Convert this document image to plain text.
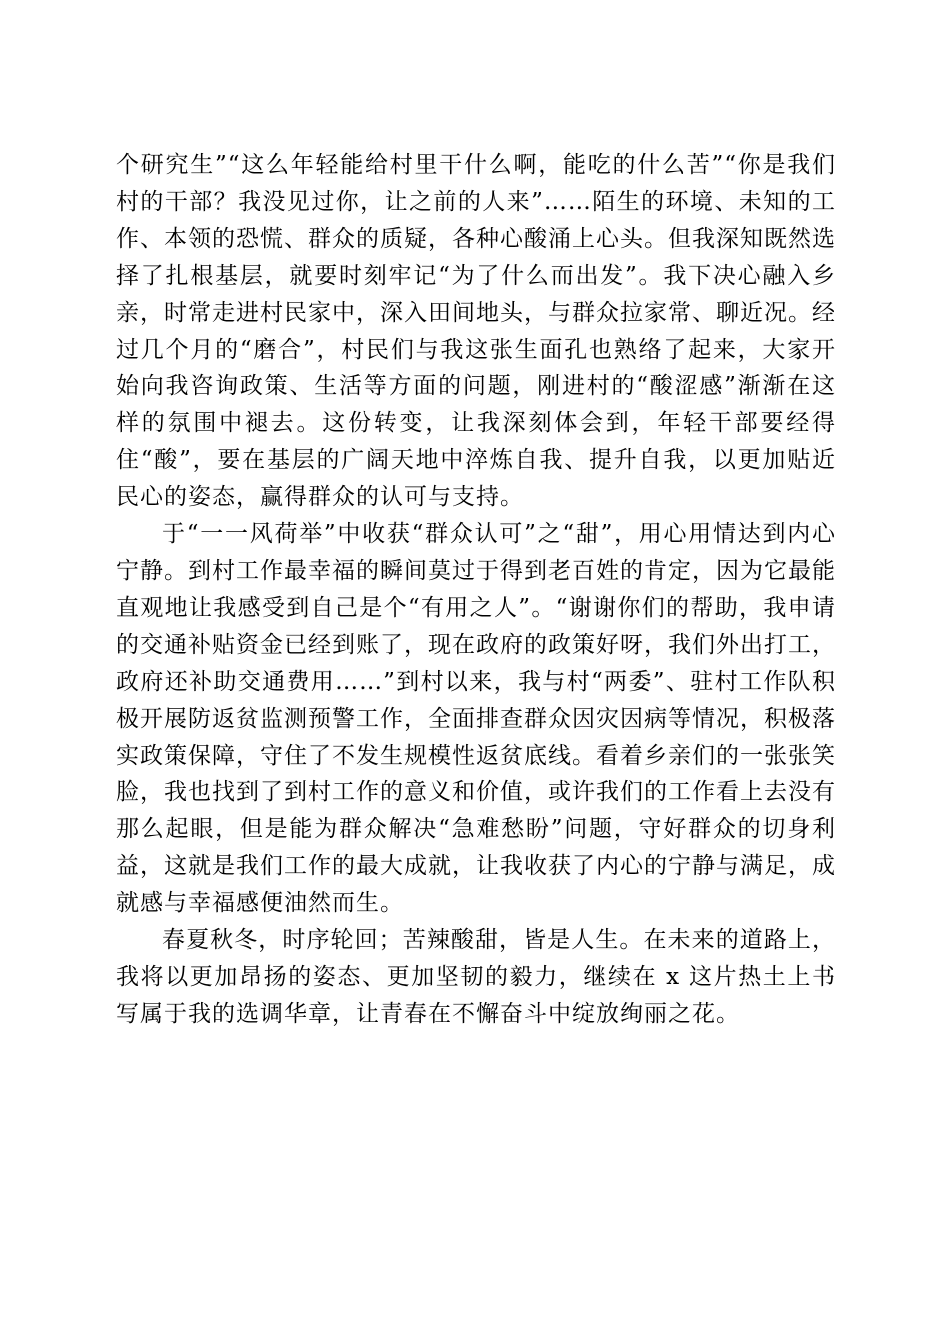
个研究生”“这么年轻能给村里干什么啊，能吃的什么苦”“你是我们村的干部？我没见过你，让之前的人来”……陌生的环境、未知的工作、本领的恐慌、群众的质疑，各种心酸涌上心头。但我深知既然选择了扎根基层，就要时刻牢记“为了什么而出发”。我下决心融入乡亲，时常走进村民家中，深入田间地头，与群众拉家常、聊近况。经过几个月的“磨合”，村民们与我这张生面孔也熟络了起来，大家开始向我咨询政策、生活等方面的问题，刚进村的“酸涩感”渐渐在这样的氛围中褪去。这份转变，让我深刻体会到，年轻干部要经得住“酸”，要在基层的广阔天地中淬炼自我、提升自我，以更加贴近民心的姿态，赢得群众的认可与支持。

于“一一风荷举”中收获“群众认可”之“甜”，用心用情达到内心宁静。到村工作最幸福的瞬间莫过于得到老百姓的肯定，因为它最能直观地让我感受到自己是个“有用之人”。“谢谢你们的帮助，我申请的交通补贴资金已经到账了，现在政府的政策好呀，我们外出打工，政府还补助交通费用……”到村以来，我与村“两委”、驻村工作队积极开展防返贫监测预警工作，全面排查群众因灾因病等情况，积极落实政策保障，守住了不发生规模性返贫底线。看着乡亲们的一张张笑脸，我也找到了到村工作的意义和价值，或许我们的工作看上去没有那么起眼，但是能为群众解决“急难愁盼”问题，守好群众的切身利益，这就是我们工作的最大成就，让我收获了内心的宁静与满足，成就感与幸福感便油然而生。

春夏秋冬，时序轮回；苦辣酸甜，皆是人生。在未来的道路上，我将以更加昂扬的姿态、更加坚韧的毅力，继续在 x 这片热土上书写属于我的选调华章，让青春在不懈奋斗中绽放绚丽之花。
